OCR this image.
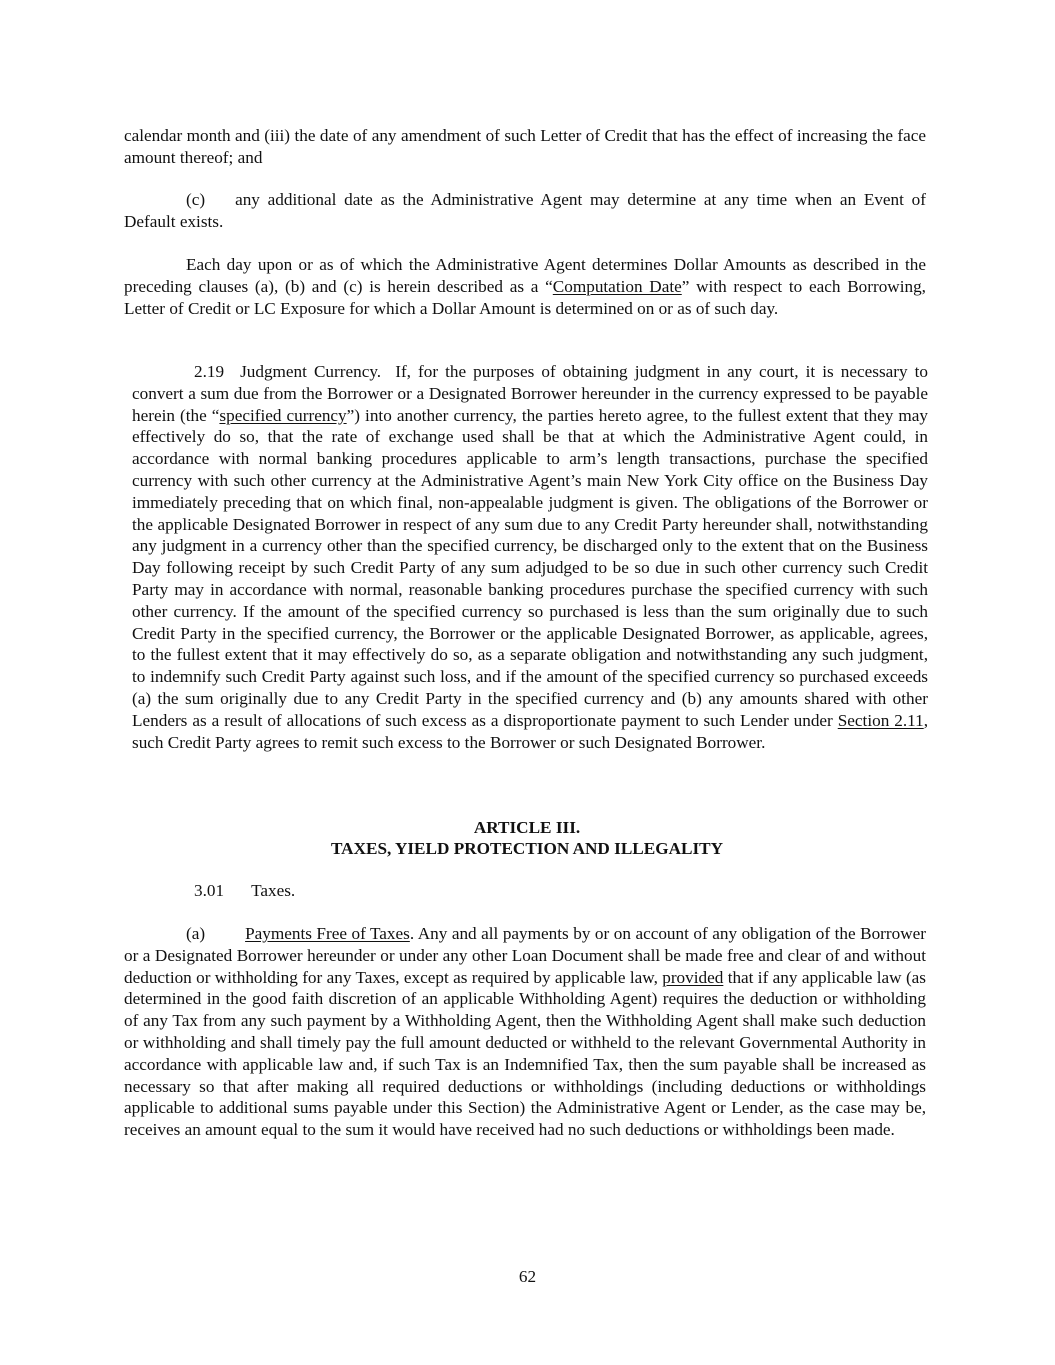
calendar month and (iii) the date of any amendment of such Letter of Credit that has the effect of increasing the face amount thereof; and

(c) any additional date as the Administrative Agent may determine at any time when an Event of Default exists.

Each day upon or as of which the Administrative Agent determines Dollar Amounts as described in the preceding clauses (a), (b) and (c) is herein described as a “Computation Date” with respect to each Borrowing, Letter of Credit or LC Exposure for which a Dollar Amount is determined on or as of such day.

2.19 Judgment Currency. If, for the purposes of obtaining judgment in any court, it is necessary to convert a sum due from the Borrower or a Designated Borrower hereunder in the currency expressed to be payable herein (the “specified currency”) into another currency, the parties hereto agree, to the fullest extent that they may effectively do so, that the rate of exchange used shall be that at which the Administrative Agent could, in accordance with normal banking procedures applicable to arm’s length transactions, purchase the specified currency with such other currency at the Administrative Agent’s main New York City office on the Business Day immediately preceding that on which final, non-appealable judgment is given. The obligations of the Borrower or the applicable Designated Borrower in respect of any sum due to any Credit Party hereunder shall, notwithstanding any judgment in a currency other than the specified currency, be discharged only to the extent that on the Business Day following receipt by such Credit Party of any sum adjudged to be so due in such other currency such Credit Party may in accordance with normal, reasonable banking procedures purchase the specified currency with such other currency. If the amount of the specified currency so purchased is less than the sum originally due to such Credit Party in the specified currency, the Borrower or the applicable Designated Borrower, as applicable, agrees, to the fullest extent that it may effectively do so, as a separate obligation and notwithstanding any such judgment, to indemnify such Credit Party against such loss, and if the amount of the specified currency so purchased exceeds (a) the sum originally due to any Credit Party in the specified currency and (b) any amounts shared with other Lenders as a result of allocations of such excess as a disproportionate payment to such Lender under Section 2.11, such Credit Party agrees to remit such excess to the Borrower or such Designated Borrower.

ARTICLE III.

TAXES, YIELD PROTECTION AND ILLEGALITY

3.01 Taxes.

(a) Payments Free of Taxes. Any and all payments by or on account of any obligation of the Borrower or a Designated Borrower hereunder or under any other Loan Document shall be made free and clear of and without deduction or withholding for any Taxes, except as required by applicable law, provided that if any applicable law (as determined in the good faith discretion of an applicable Withholding Agent) requires the deduction or withholding of any Tax from any such payment by a Withholding Agent, then the Withholding Agent shall make such deduction or withholding and shall timely pay the full amount deducted or withheld to the relevant Governmental Authority in accordance with applicable law and, if such Tax is an Indemnified Tax, then the sum payable shall be increased as necessary so that after making all required deductions or withholdings (including deductions or withholdings applicable to additional sums payable under this Section) the Administrative Agent or Lender, as the case may be, receives an amount equal to the sum it would have received had no such deductions or withholdings been made.

62
